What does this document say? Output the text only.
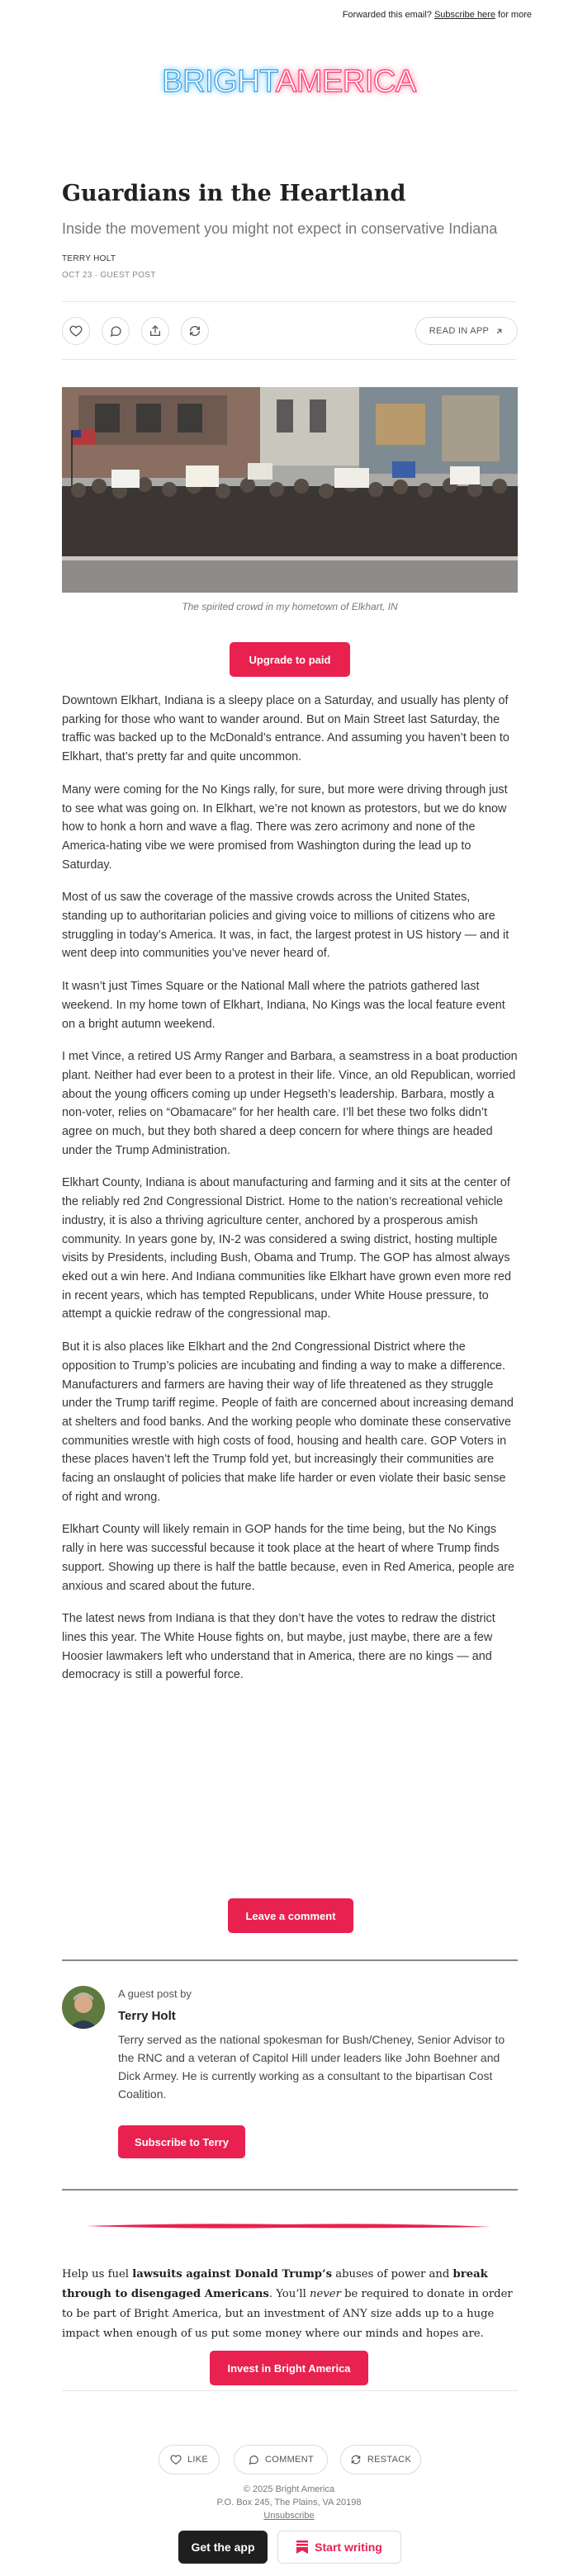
Forwarded this email? Subscribe here for more
BRIGHTAMERICA
Guardians in the Heartland
Inside the movement you might not expect in conservative Indiana
TERRY HOLT
OCT 23 · GUEST POST
READ IN APP
The spirited crowd in my hometown of Elkhart, IN
Upgrade to paid

Downtown Elkhart, Indiana is a sleepy place on a Saturday, and usually has plenty of parking for those who want to wander around. But on Main Street last Saturday, the traffic was backed up to the McDonald’s entrance. And assuming you haven’t been to Elkhart, that’s pretty far and quite uncommon.

Many were coming for the No Kings rally, for sure, but more were driving through just to see what was going on. In Elkhart, we’re not known as protestors, but we do know how to honk a horn and wave a flag. There was zero acrimony and none of the America-hating vibe we were promised from Washington during the lead up to Saturday.

Most of us saw the coverage of the massive crowds across the United States, standing up to authoritarian policies and giving voice to millions of citizens who are struggling in today’s America. It was, in fact, the largest protest in US history — and it went deep into communities you’ve never heard of.

It wasn’t just Times Square or the National Mall where the patriots gathered last weekend. In my home town of Elkhart, Indiana, No Kings was the local feature event on a bright autumn weekend.

I met Vince, a retired US Army Ranger and Barbara, a seamstress in a boat production plant. Neither had ever been to a protest in their life. Vince, an old Republican, worried about the young officers coming up under Hegseth’s leadership. Barbara, mostly a non-voter, relies on “Obamacare” for her health care. I’ll bet these two folks didn’t agree on much, but they both shared a deep concern for where things are headed under the Trump Administration.

Elkhart County, Indiana is about manufacturing and farming and it sits at the center of the reliably red 2nd Congressional District. Home to the nation’s recreational vehicle industry, it is also a thriving agriculture center, anchored by a prosperous amish community. In years gone by, IN-2 was considered a swing district, hosting multiple visits by Presidents, including Bush, Obama and Trump. The GOP has almost always eked out a win here. And Indiana communities like Elkhart have grown even more red in recent years, which has tempted Republicans, under White House pressure, to attempt a quickie redraw of the congressional map.

But it is also places like Elkhart and the 2nd Congressional District where the opposition to Trump’s policies are incubating and finding a way to make a difference. Manufacturers and farmers are having their way of life threatened as they struggle under the Trump tariff regime. People of faith are concerned about increasing demand at shelters and food banks. And the working people who dominate these conservative communities wrestle with high costs of food, housing and health care. GOP Voters in these places haven’t left the Trump fold yet, but increasingly their communities are facing an onslaught of policies that make life harder or even violate their basic sense of right and wrong.

Elkhart County will likely remain in GOP hands for the time being, but the No Kings rally in here was successful because it took place at the heart of where Trump finds support. Showing up there is half the battle because, even in Red America, people are anxious and scared about the future.

The latest news from Indiana is that they don’t have the votes to redraw the district lines this year. The White House fights on, but maybe, just maybe, there are a few Hoosier lawmakers left who understand that in America, there are no kings — and democracy is still a powerful force.

Leave a comment
A guest post by
Terry Holt
Terry served as the national spokesman for Bush/Cheney, Senior Advisor to the RNC and a veteran of Capitol Hill under leaders like John Boehner and Dick Armey. He is currently working as a consultant to the bipartisan Cost Coalition.
Subscribe to Terry
Help us fuel lawsuits against Donald Trump’s abuses of power and break through to disengaged Americans. You’ll never be required to donate in order to be part of Bright America, but an investment of ANY size adds up to a huge impact when enough of us put some money where our minds and hopes are.
Invest in Bright America
LIKE	COMMENT	RESTACK
© 2025 Bright America
P.O. Box 245, The Plains, VA 20198
Unsubscribe
Get the app	Start writing
